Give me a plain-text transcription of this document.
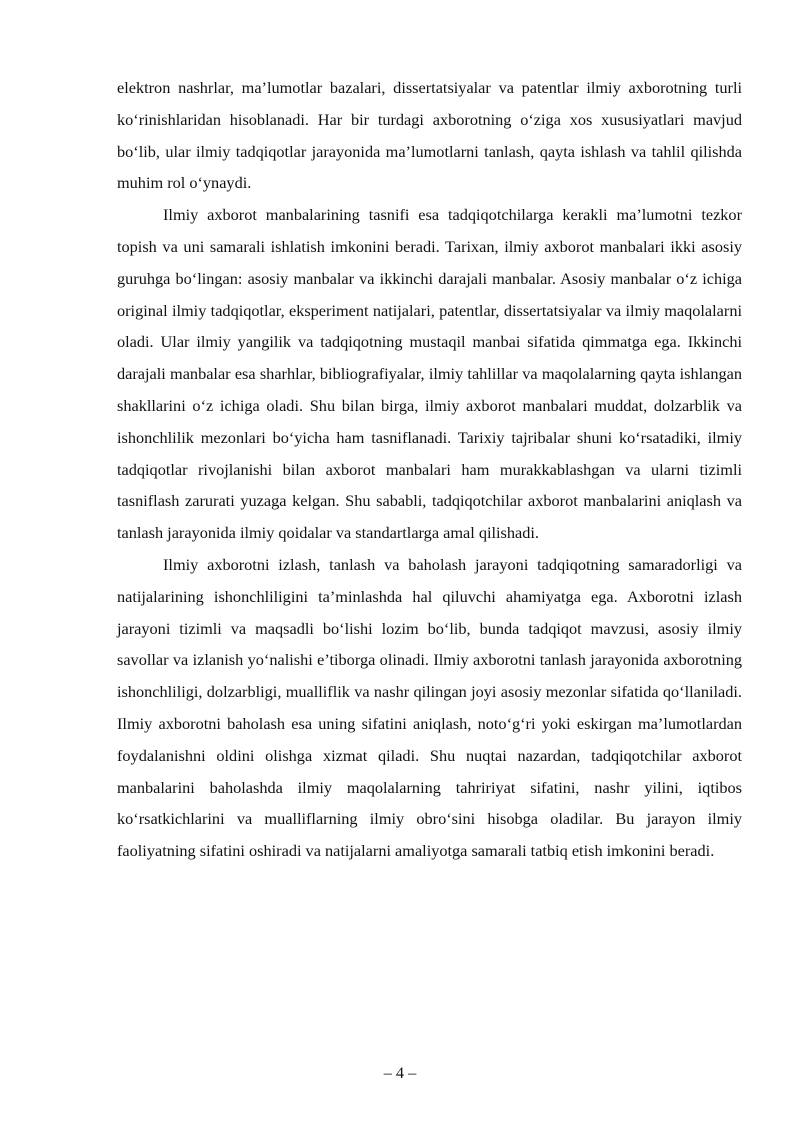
elektron nashrlar, ma’lumotlar bazalari, dissertatsiyalar va patentlar ilmiy axborotning turli ko‘rinishlaridan hisoblanadi. Har bir turdagi axborotning o‘ziga xos xususiyatlari mavjud bo‘lib, ular ilmiy tadqiqotlar jarayonida ma’lumotlarni tanlash, qayta ishlash va tahlil qilishda muhim rol o‘ynaydi.

Ilmiy axborot manbalarining tasnifi esa tadqiqotchilarga kerakli ma’lumotni tezkor topish va uni samarali ishlatish imkonini beradi. Tarixan, ilmiy axborot manbalari ikki asosiy guruhga bo‘lingan: asosiy manbalar va ikkinchi darajali manbalar. Asosiy manbalar o‘z ichiga original ilmiy tadqiqotlar, eksperiment natijalari, patentlar, dissertatsiyalar va ilmiy maqolalarni oladi. Ular ilmiy yangilik va tadqiqotning mustaqil manbai sifatida qimmatga ega. Ikkinchi darajali manbalar esa sharhlar, bibliografiyalar, ilmiy tahlillar va maqolalarning qayta ishlangan shakllarini o‘z ichiga oladi. Shu bilan birga, ilmiy axborot manbalari muddat, dolzarblik va ishonchlilik mezonlari bo‘yicha ham tasniflanadi. Tarixiy tajribalar shuni ko‘rsatadiki, ilmiy tadqiqotlar rivojlanishi bilan axborot manbalari ham murakkablashgan va ularni tizimli tasniflash zarurati yuzaga kelgan. Shu sababli, tadqiqotchilar axborot manbalarini aniqlash va tanlash jarayonida ilmiy qoidalar va standartlarga amal qilishadi.

Ilmiy axborotni izlash, tanlash va baholash jarayoni tadqiqotning samaradorligi va natijalarining ishonchliligini ta’minlashda hal qiluvchi ahamiyatga ega. Axborotni izlash jarayoni tizimli va maqsadli bo‘lishi lozim bo‘lib, bunda tadqiqot mavzusi, asosiy ilmiy savollar va izlanish yo‘nalishi e’tiborga olinadi. Ilmiy axborotni tanlash jarayonida axborotning ishonchliligi, dolzarbligi, mualliflik va nashr qilingan joyi asosiy mezonlar sifatida qo‘llaniladi. Ilmiy axborotni baholash esa uning sifatini aniqlash, noto‘g‘ri yoki eskirgan ma’lumotlardan foydalanishni oldini olishga xizmat qiladi. Shu nuqtai nazardan, tadqiqotchilar axborot manbalarini baholashda ilmiy maqolalarning tahririyat sifatini, nashr yilini, iqtibos ko‘rsatkichlarini va mualliflarning ilmiy obro‘sini hisobga oladilar. Bu jarayon ilmiy faoliyatning sifatini oshiradi va natijalarni amaliyotga samarali tatbiq etish imkonini beradi.

– 4 –
